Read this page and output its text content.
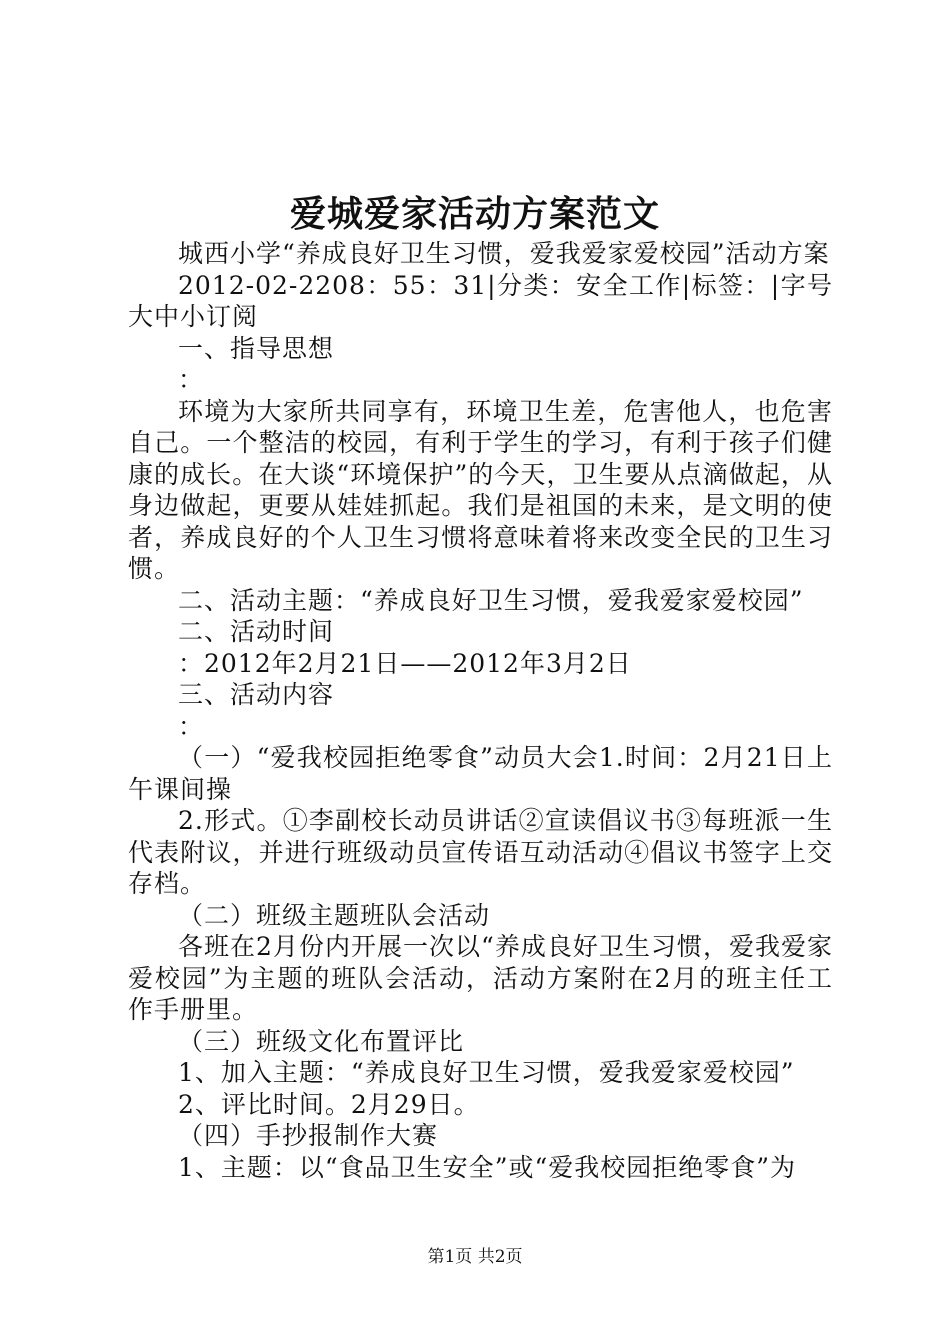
爱城爱家活动方案范文

城西小学“养成良好卫生习惯，爱我爱家爱校园”活动方案

2012-02-2208：55：31|分类：安全工作|标签：|字号大中小订阅

一、指导思想

：

环境为大家所共同享有，环境卫生差，危害他人，也危害自己。一个整洁的校园，有利于学生的学习，有利于孩子们健康的成长。在大谈“环境保护”的今天，卫生要从点滴做起，从身边做起，更要从娃娃抓起。我们是祖国的未来，是文明的使者，养成良好的个人卫生习惯将意味着将来改变全民的卫生习惯。

二、活动主题：“养成良好卫生习惯，爱我爱家爱校园”

二、活动时间

：2012年2月21日——2012年3月2日

三、活动内容

：

（一）“爱我校园拒绝零食”动员大会1.时间：2月21日上午课间操

2.形式。①李副校长动员讲话②宣读倡议书③每班派一生代表附议，并进行班级动员宣传语互动活动④倡议书签字上交存档。

（二）班级主题班队会活动

各班在2月份内开展一次以“养成良好卫生习惯，爱我爱家爱校园”为主题的班队会活动，活动方案附在2月的班主任工作手册里。

（三）班级文化布置评比

1、加入主题：“养成良好卫生习惯，爱我爱家爱校园”

2、评比时间。2月29日。

（四）手抄报制作大赛

1、主题：以“食品卫生安全”或“爱我校园拒绝零食”为

第1页 共2页
